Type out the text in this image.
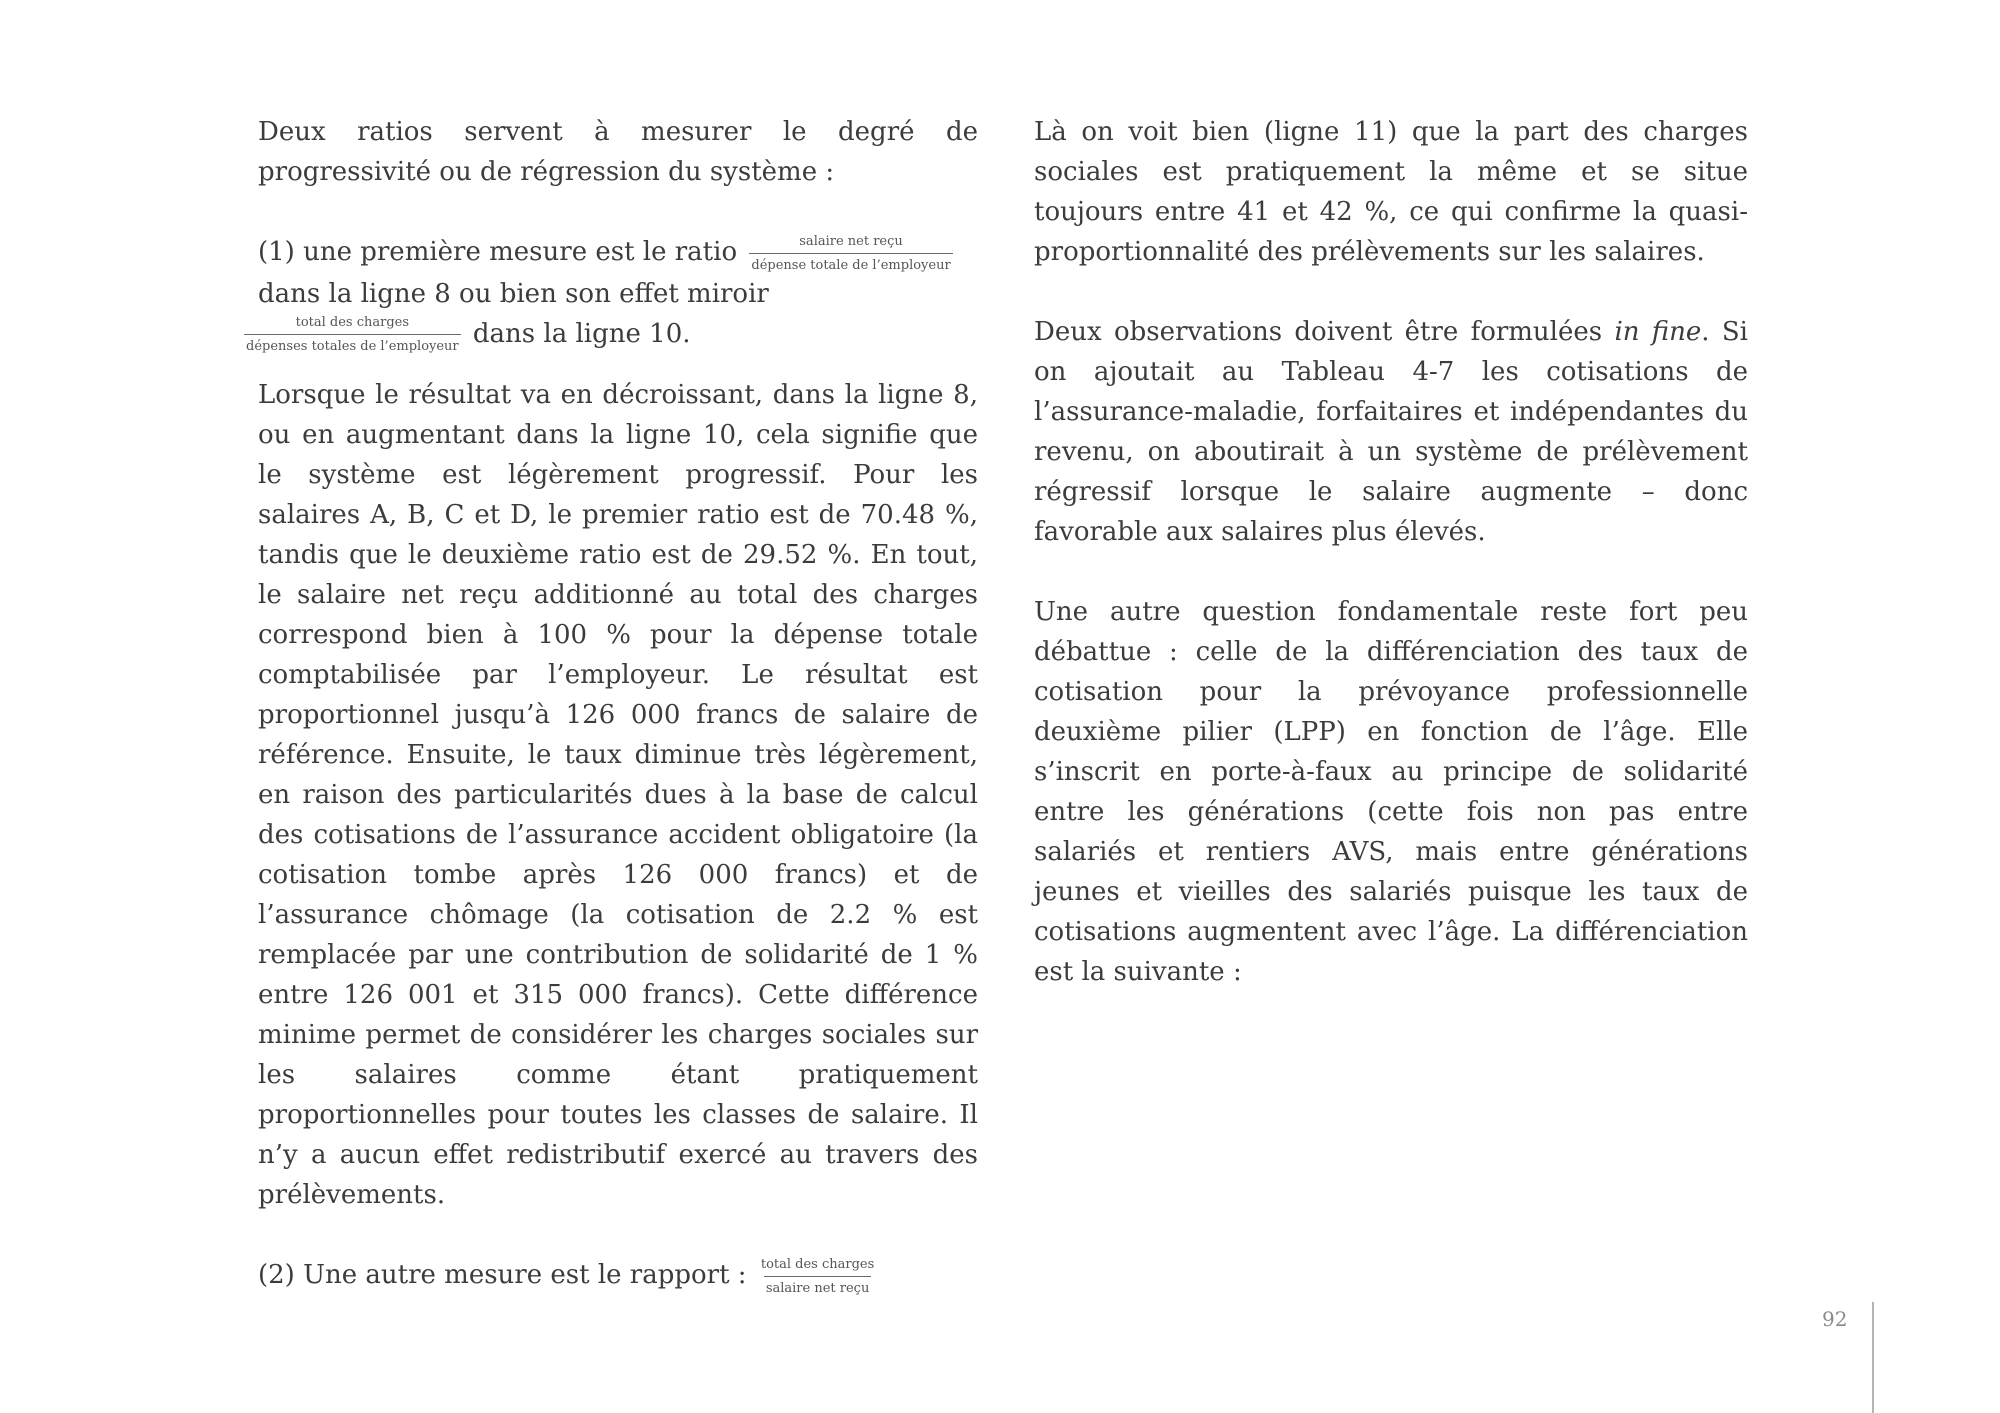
Deux ratios servent à mesurer le degré de progressivité ou de régression du système :

(1) une première mesure est le ratio $\frac{\text{salaire net reçu}}{\text{dépense totale de l’employeur}}$
dans la ligne 8 ou bien son effet miroir
$\frac{\text{total des charges}}{\text{dépenses totales de l’employeur}}$ dans la ligne 10.

Lorsque le résultat va en décroissant, dans la ligne 8, ou en augmentant dans la ligne 10, cela signifie que le système est légèrement progressif. Pour les salaires A, B, C et D, le premier ratio est de 70.48 %, tandis que le deuxième ratio est de 29.52 %. En tout, le salaire net reçu additionné au total des charges correspond bien à 100 % pour la dépense totale comptabilisée par l’employeur. Le résultat est proportionnel jusqu’à 126 000 francs de salaire de référence. Ensuite, le taux diminue très légèrement, en raison des particularités dues à la base de calcul des cotisations de l’assurance accident obligatoire (la cotisation tombe après 126 000 francs) et de l’assurance chômage (la cotisation de 2.2 % est remplacée par une contribution de solidarité de 1 % entre 126 001 et 315 000 francs). Cette différence minime permet de considérer les charges sociales sur les salaires comme étant pratiquement proportionnelles pour toutes les classes de salaire. Il n’y a aucun effet redistributif exercé au travers des prélèvements.

(2) Une autre mesure est le rapport : $\frac{\text{total des charges}}{\text{salaire net reçu}}$

Là on voit bien (ligne 11) que la part des charges sociales est pratiquement la même et se situe toujours entre 41 et 42 %, ce qui confirme la quasi-proportionnalité des prélèvements sur les salaires.

Deux observations doivent être formulées in fine. Si on ajoutait au Tableau 4-7 les cotisations de l’assurance-maladie, forfaitaires et indépendantes du revenu, on aboutirait à un système de prélèvement régressif lorsque le salaire augmente – donc favorable aux salaires plus élevés.

Une autre question fondamentale reste fort peu débattue : celle de la différenciation des taux de cotisation pour la prévoyance professionnelle deuxième pilier (LPP) en fonction de l’âge. Elle s’inscrit en porte-à-faux au principe de solidarité entre les générations (cette fois non pas entre salariés et rentiers AVS, mais entre générations jeunes et vieilles des salariés puisque les taux de cotisations augmentent avec l’âge. La différenciation est la suivante :

92
